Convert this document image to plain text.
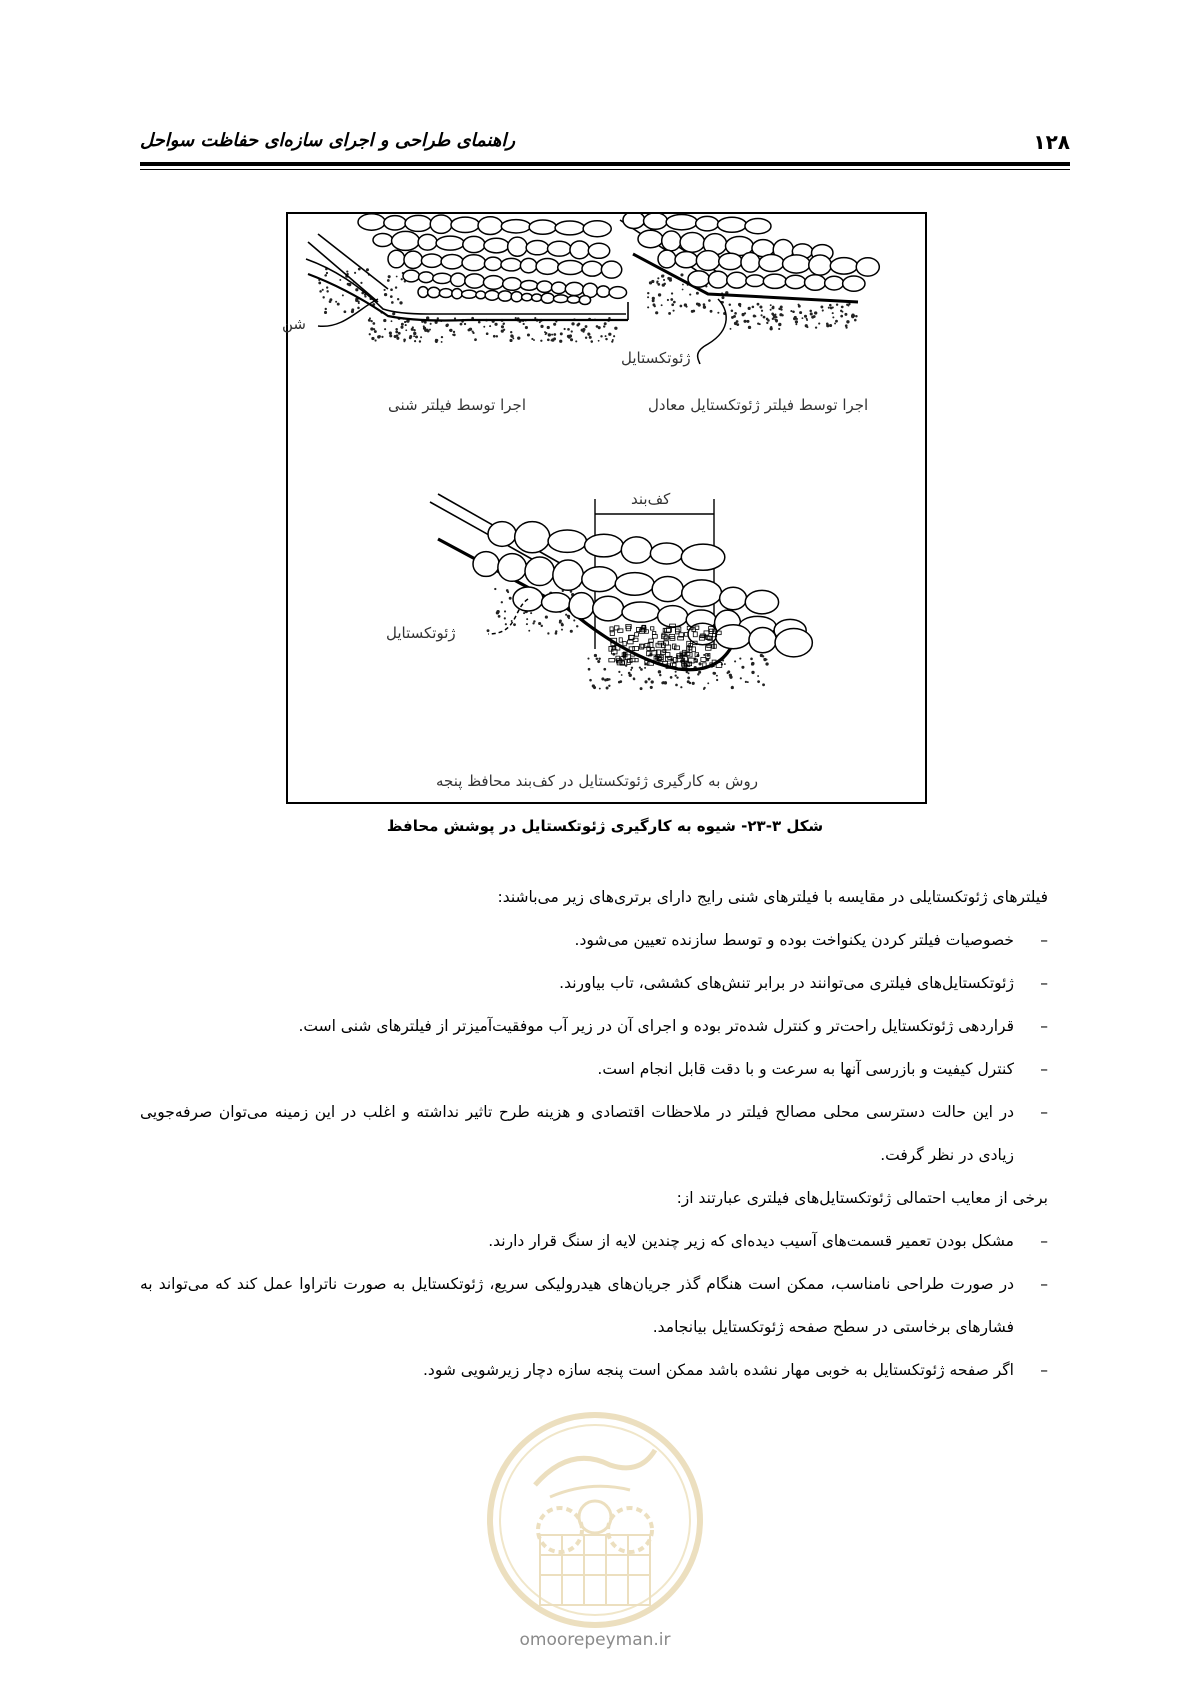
۱۲۸
راهنمای طراحی و اجرای سازه‌ای حفاظت سواحل
شن
ژئوتکستایل
اجرا توسط فیلتر شنی	اجرا توسط فیلتر ژئوتکستایل معادل
کف‌بند
ژئوتکستایل
روش به کارگیری ژئوتکستایل در کف‌بند محافظ پنجه
شکل ۳-۲۳- شیوه به کارگیری ژئوتکستایل در پوشش محافظ

فیلترهای ژئوتکستایلی در مقایسه با فیلترهای شنی رایج دارای برتری‌های زیر می‌باشند:

–
خصوصیات فیلتر کردن یکنواخت بوده و توسط سازنده تعیین می‌شود.

–
ژئوتکستایل‌های فیلتری می‌توانند در برابر تنش‌های کششی، تاب بیاورند.

–
قراردهی ژئوتکستایل راحت‌تر و کنترل شده‌تر بوده و اجرای آن در زیر آب موفقیت‌آمیزتر از فیلترهای شنی است.

–
کنترل کیفیت و بازرسی آنها به سرعت و با دقت قابل انجام است.

–
در این حالت دسترسی محلی مصالح فیلتر در ملاحظات اقتصادی و هزینه طرح تاثیر نداشته و اغلب در این زمینه می‌توان صرفه‌جویی زیادی در نظر گرفت.

برخی از معایب احتمالی ژئوتکستایل‌های فیلتری عبارتند از:

–
مشکل بودن تعمیر قسمت‌های آسیب دیده‌ای که زیر چندین لایه از سنگ قرار دارند.

–
در صورت طراحی نامناسب، ممکن است هنگام گذر جریان‌های هیدرولیکی سریع، ژئوتکستایل به صورت ناتراوا عمل کند که می‌تواند به فشارهای برخاستی در سطح صفحه ژئوتکستایل بیانجامد.

–
اگر صفحه ژئوتکستایل به خوبی مهار نشده باشد ممکن است پنجه سازه دچار زیرشویی شود.

omoorepeyman.ir
